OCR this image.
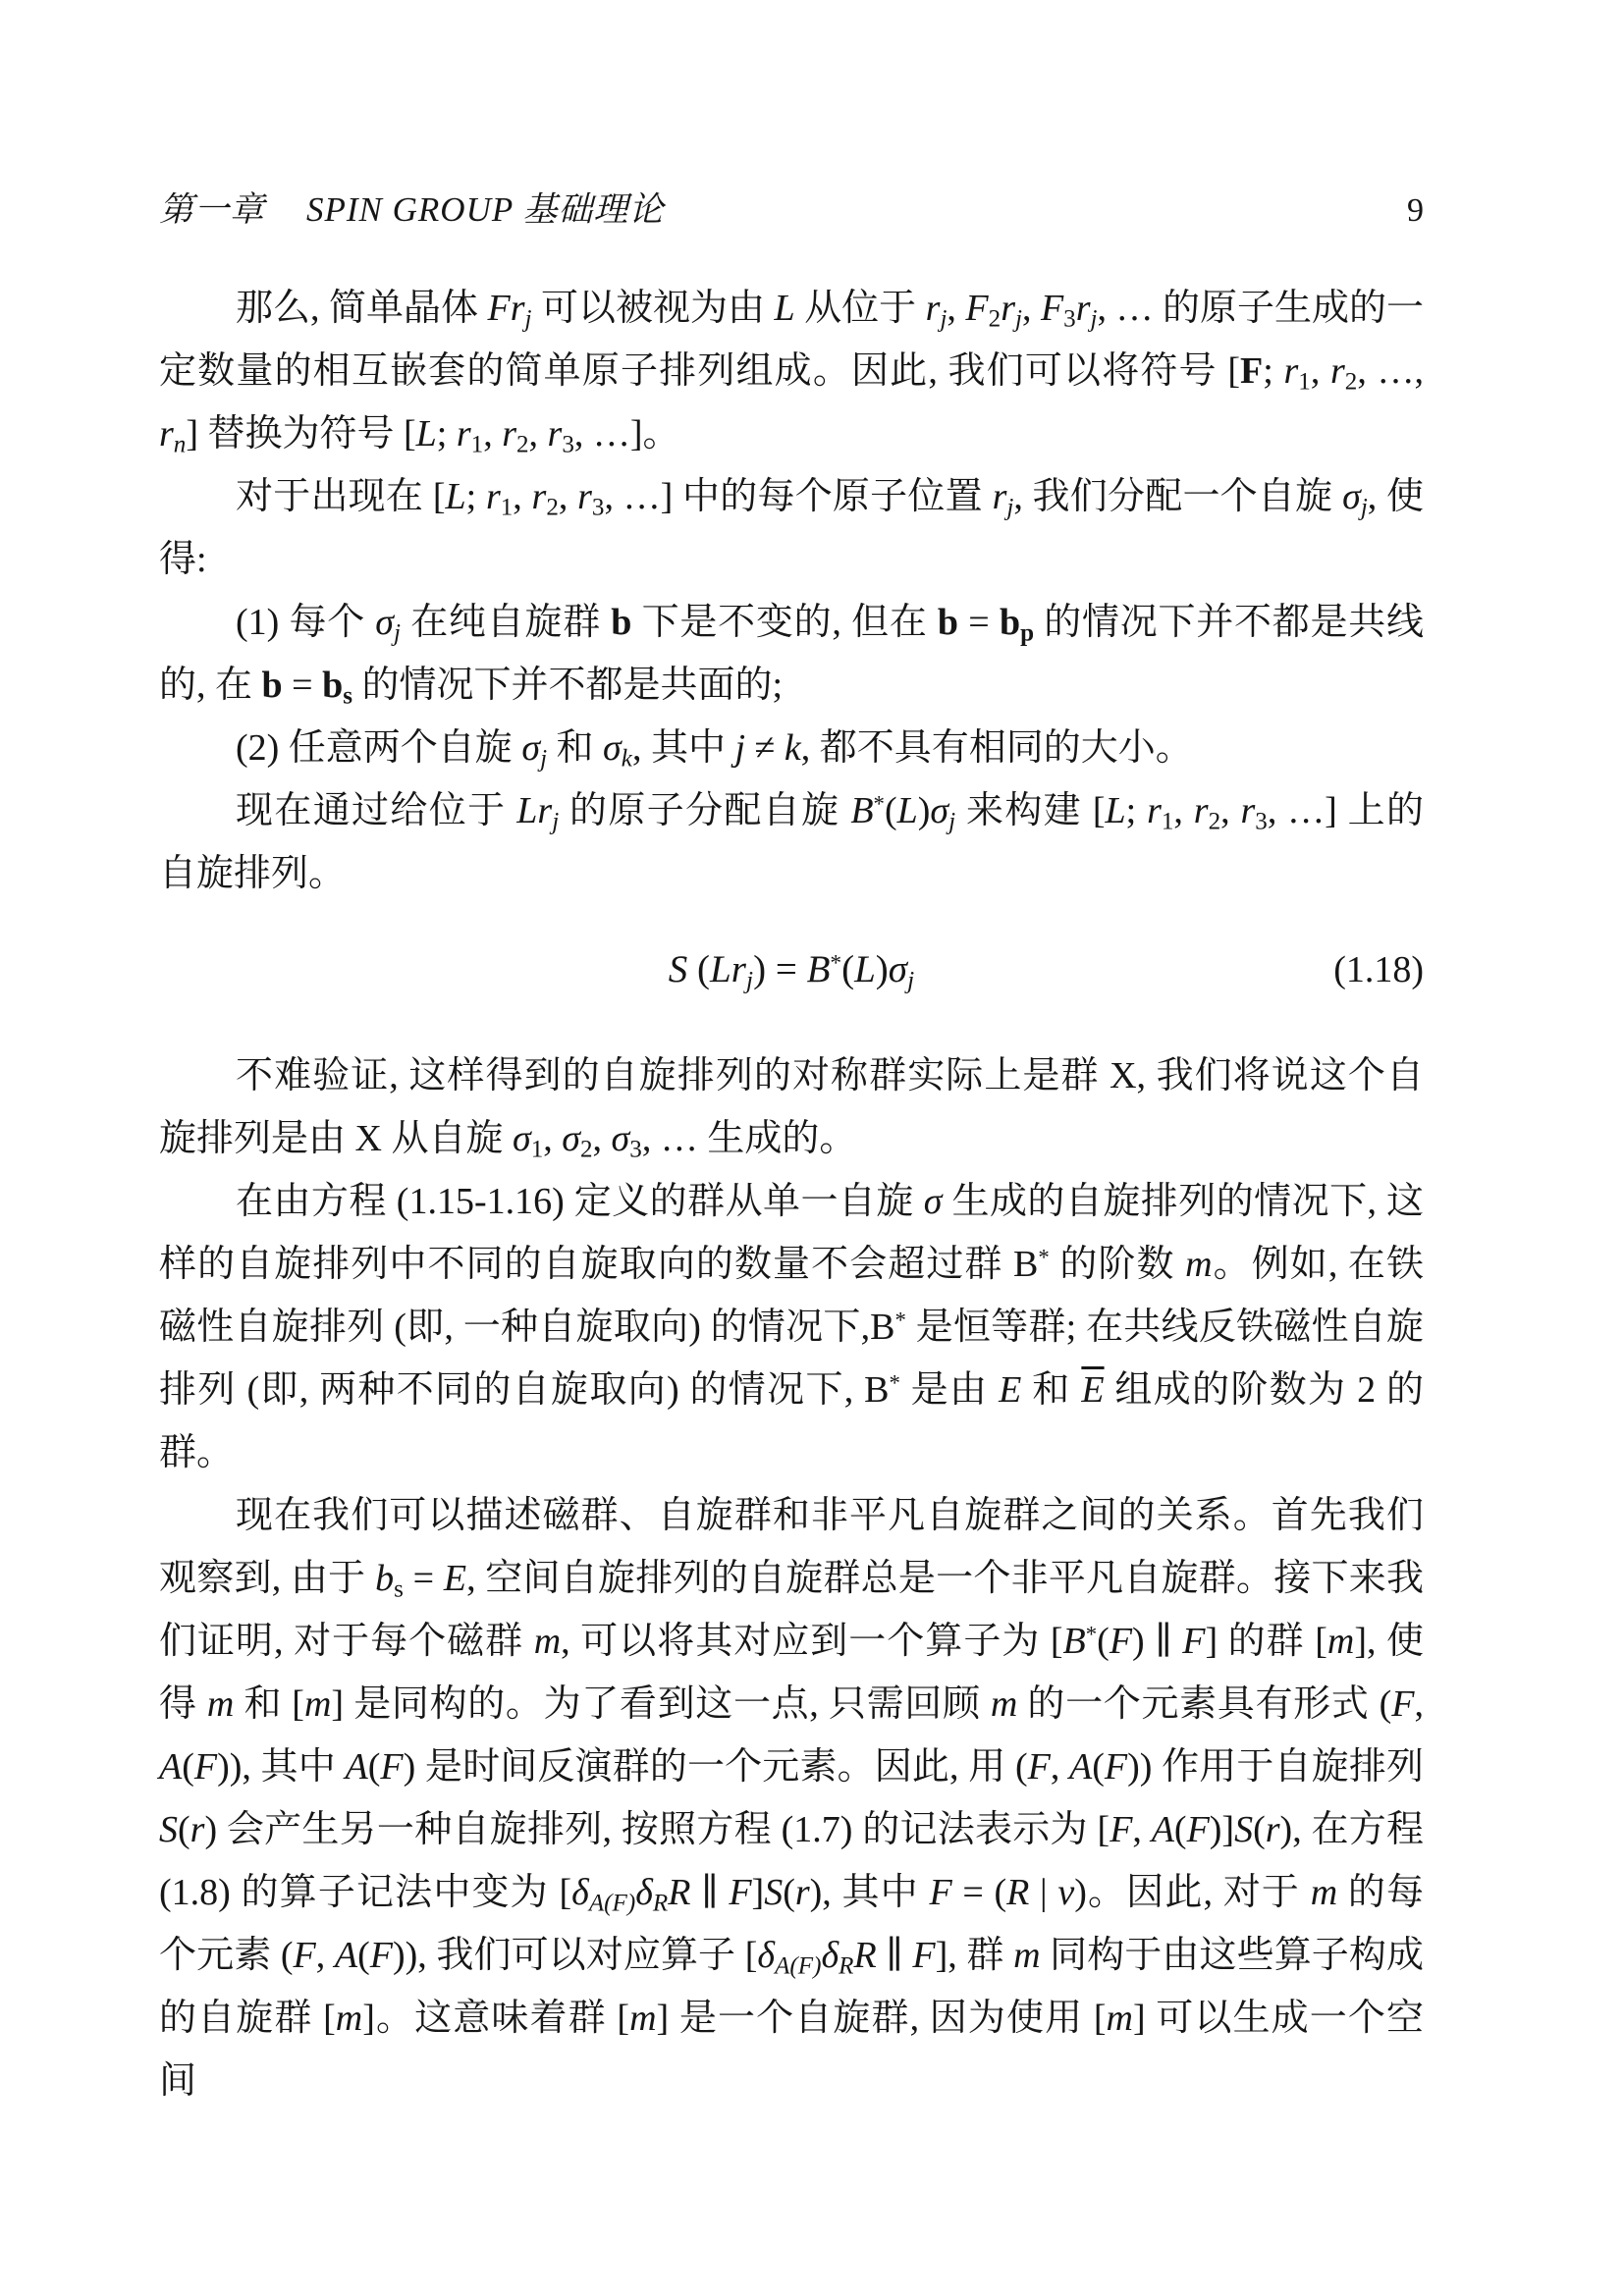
第一章 SPIN GROUP 基础理论	9

那么, 简单晶体 $Fr_j$ 可以被视为由 L 从位于 $r_j$, $F_2r_j$, $F_3r_j$, … 的原子生成的一定数量的相互嵌套的简单原子排列组成。因此, 我们可以将符号 [F; $r_1$, $r_2$, …, $r_n$] 替换为符号 [L; $r_1$, $r_2$, $r_3$, …]。

对于出现在 [L; $r_1$, $r_2$, $r_3$, …] 中的每个原子位置 $r_j$, 我们分配一个自旋 $\sigma_j$, 使得:

(1) 每个 $\sigma_j$ 在纯自旋群 b 下是不变的, 但在 $b = b_p$ 的情况下并不都是共线的, 在 $b = b_s$ 的情况下并不都是共面的;

(2) 任意两个自旋 $\sigma_j$ 和 $\sigma_k$, 其中 j ≠ k, 都不具有相同的大小。

现在通过给位于 $Lr_j$ 的原子分配自旋 $B^*(L)\sigma_j$ 来构建 [L; $r_1$, $r_2$, $r_3$, …] 上的自旋排列。

S $(Lr_j) = B^*(L)\sigma_j$	(1.18)

不难验证, 这样得到的自旋排列的对称群实际上是群 X, 我们将说这个自旋排列是由 X 从自旋 $\sigma_1$, $\sigma_2$, $\sigma_3$, … 生成的。

在由方程 (1.15-1.16) 定义的群从单一自旋 σ 生成的自旋排列的情况下, 这样的自旋排列中不同的自旋取向的数量不会超过群 B* 的阶数 m。例如, 在铁磁性自旋排列 (即, 一种自旋取向) 的情况下,B* 是恒等群; 在共线反铁磁性自旋排列 (即, 两种不同的自旋取向) 的情况下, B* 是由 E 和 $\overline{E}$ 组成的阶数为 2 的群。

现在我们可以描述磁群、自旋群和非平凡自旋群之间的关系。首先我们观察到, 由于 $b_s = E$, 空间自旋排列的自旋群总是一个非平凡自旋群。接下来我们证明, 对于每个磁群 m, 可以将其对应到一个算子为 [B*(F) ∥ F] 的群 [m], 使得 m 和 [m] 是同构的。为了看到这一点, 只需回顾 m 的一个元素具有形式 (F, A(F)), 其中 A(F) 是时间反演群的一个元素。因此, 用 (F, A(F)) 作用于自旋排列 S(r) 会产生另一种自旋排列, 按照方程 (1.7) 的记法表示为 [F, A(F)]S(r), 在方程 (1.8) 的算子记法中变为 [$\delta_{A(F)}\delta_RR$ ∥ F]S(r), 其中 F = (R | v)。因此, 对于 m 的每个元素 (F, A(F)), 我们可以对应算子 [$\delta_{A(F)}\delta_RR$ ∥ F], 群 m 同构于由这些算子构成的自旋群 [m]。这意味着群 [m] 是一个自旋群, 因为使用 [m] 可以生成一个空间
